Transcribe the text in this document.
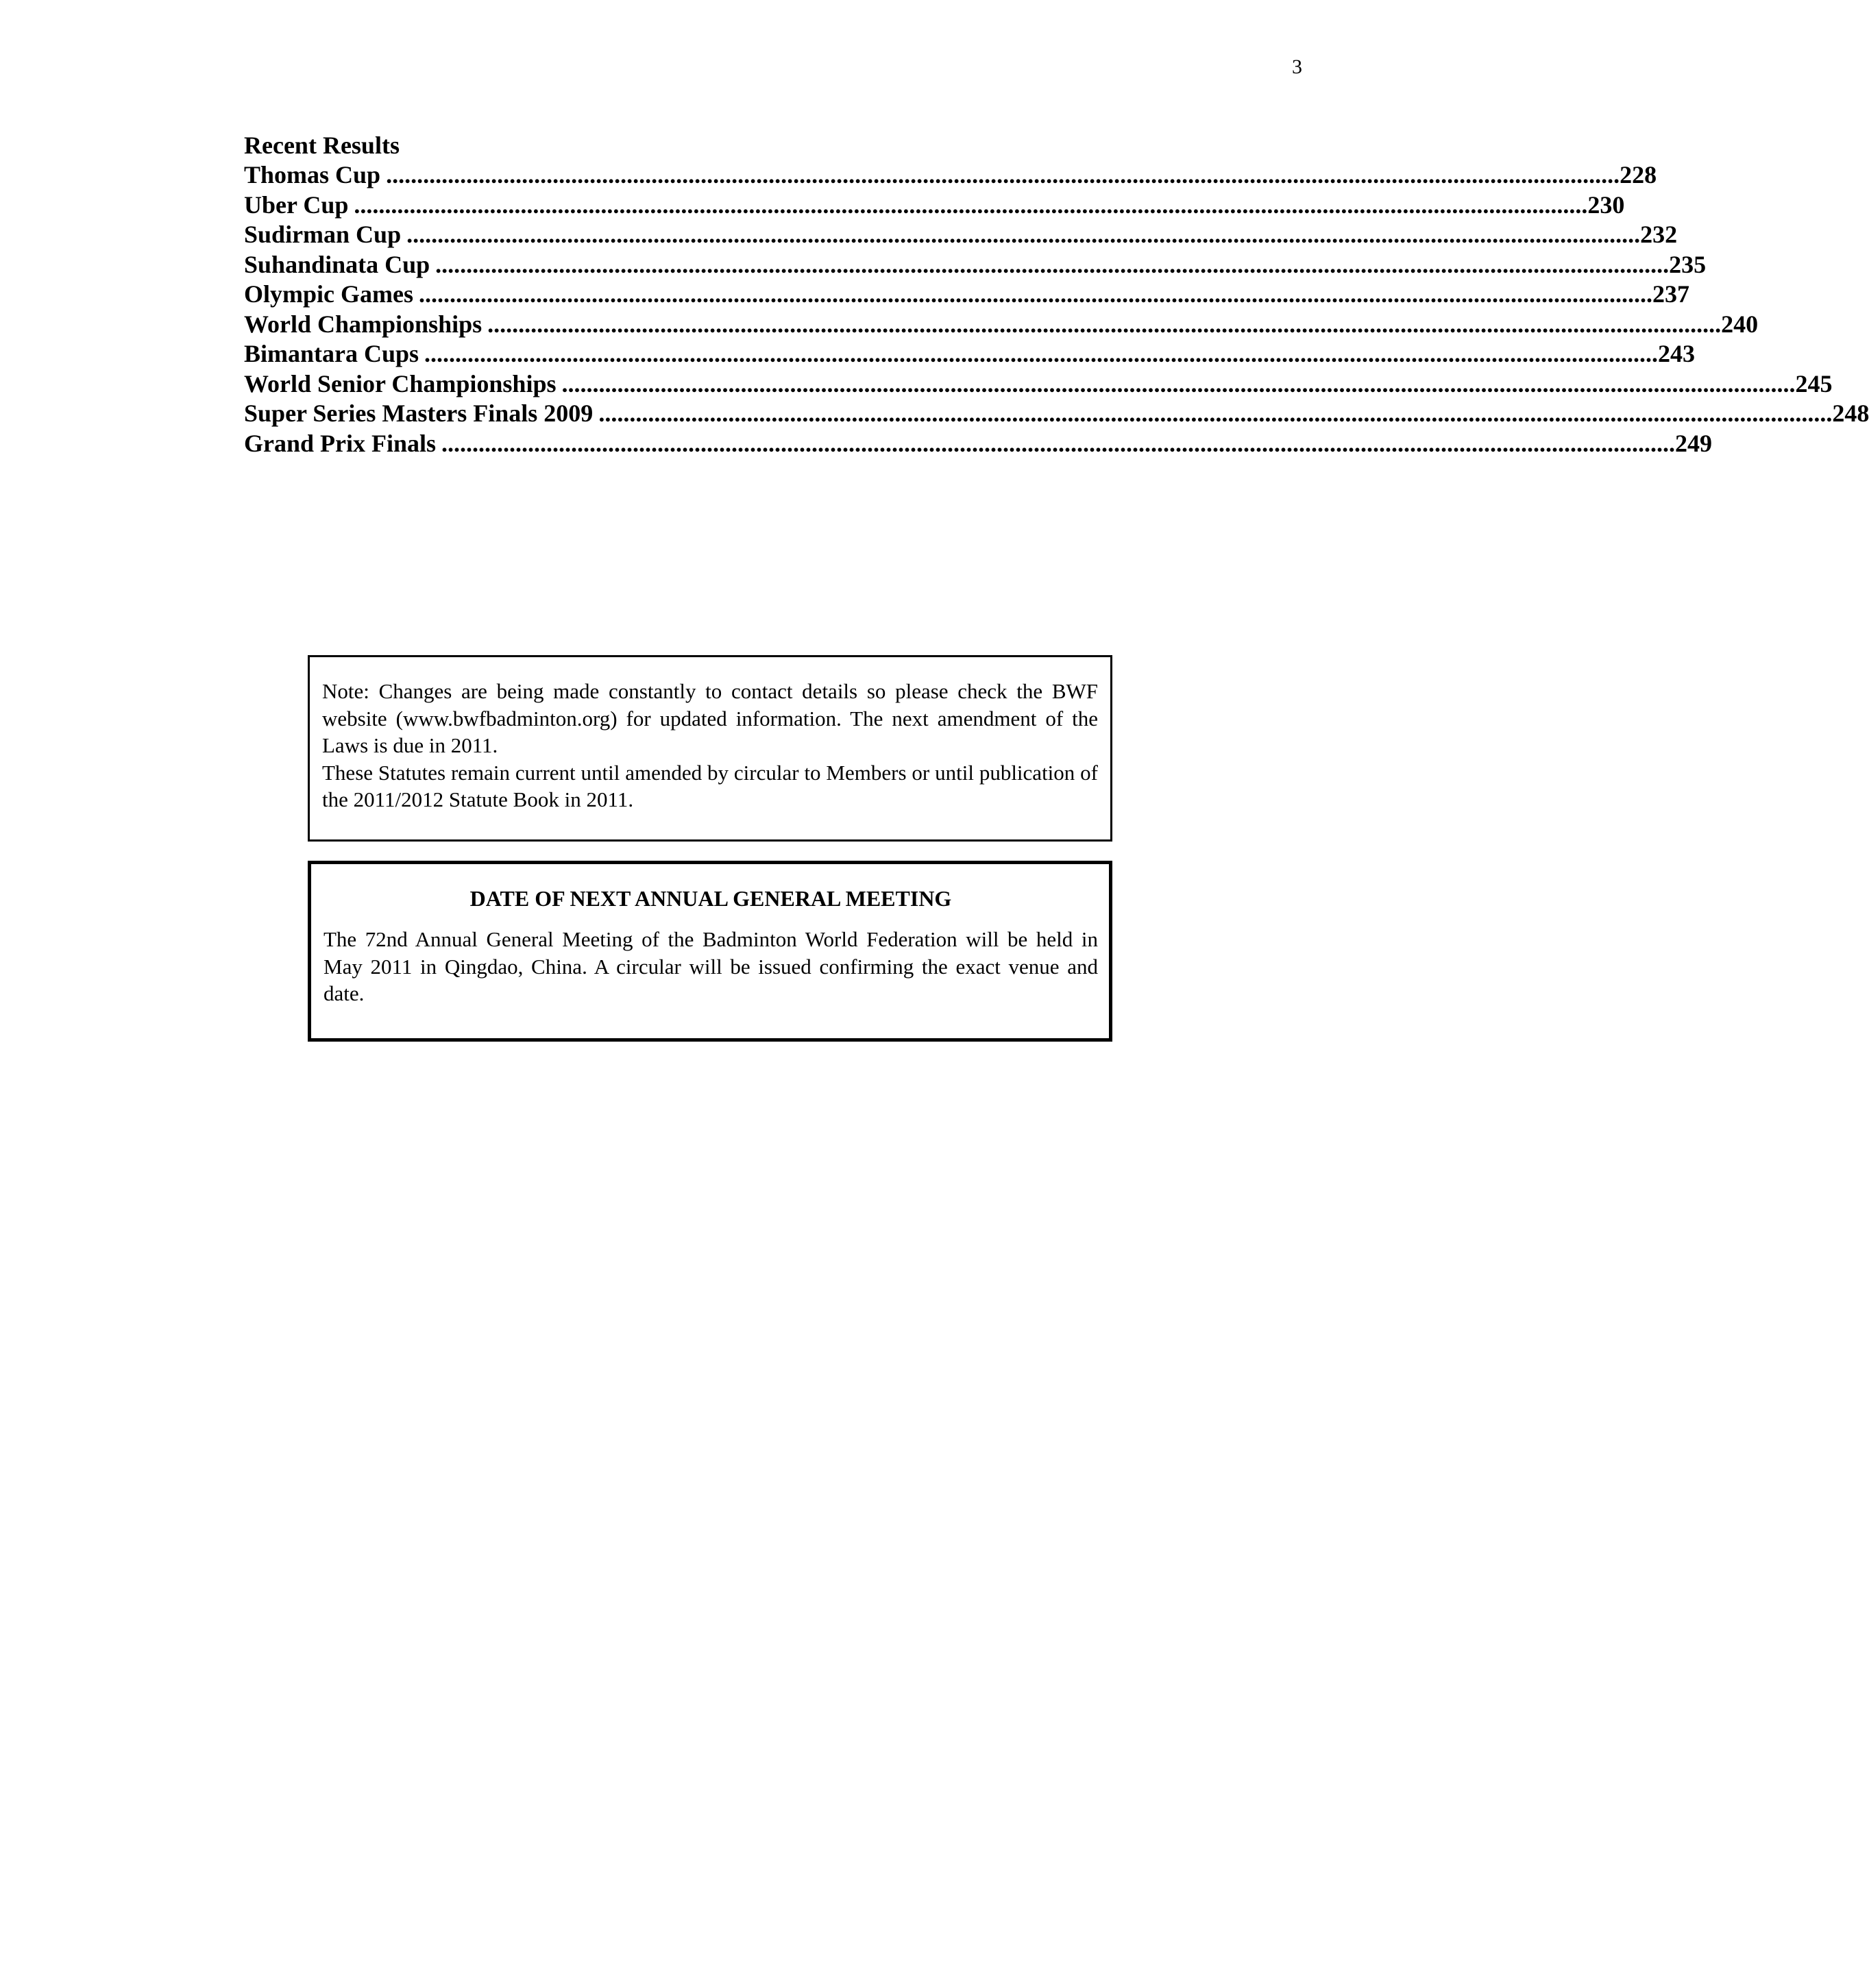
3
Recent Results
Thomas Cup ........................................................................................................................................................................................................ 228
Uber Cup ........................................................................................................................................................................................................ 230
Sudirman Cup ........................................................................................................................................................................................................ 232
Suhandinata Cup ........................................................................................................................................................................................................ 235
Olympic Games ........................................................................................................................................................................................................ 237
World Championships ........................................................................................................................................................................................................ 240
Bimantara Cups ........................................................................................................................................................................................................ 243
World Senior Championships ........................................................................................................................................................................................................ 245
Super Series Masters Finals 2009 ........................................................................................................................................................................................................ 248
Grand Prix Finals ........................................................................................................................................................................................................ 249

Note: Changes are being made constantly to contact details so please check the BWF website (www.bwfbadminton.org) for updated information. The next amendment of the Laws is due in 2011.

These Statutes remain current until amended by circular to Members or until publication of the 2011/2012 Statute Book in 2011.

DATE OF NEXT ANNUAL GENERAL MEETING

The 72nd Annual General Meeting of the Badminton World Federation will be held in May 2011 in Qingdao, China. A circular will be issued confirming the exact venue and date.
